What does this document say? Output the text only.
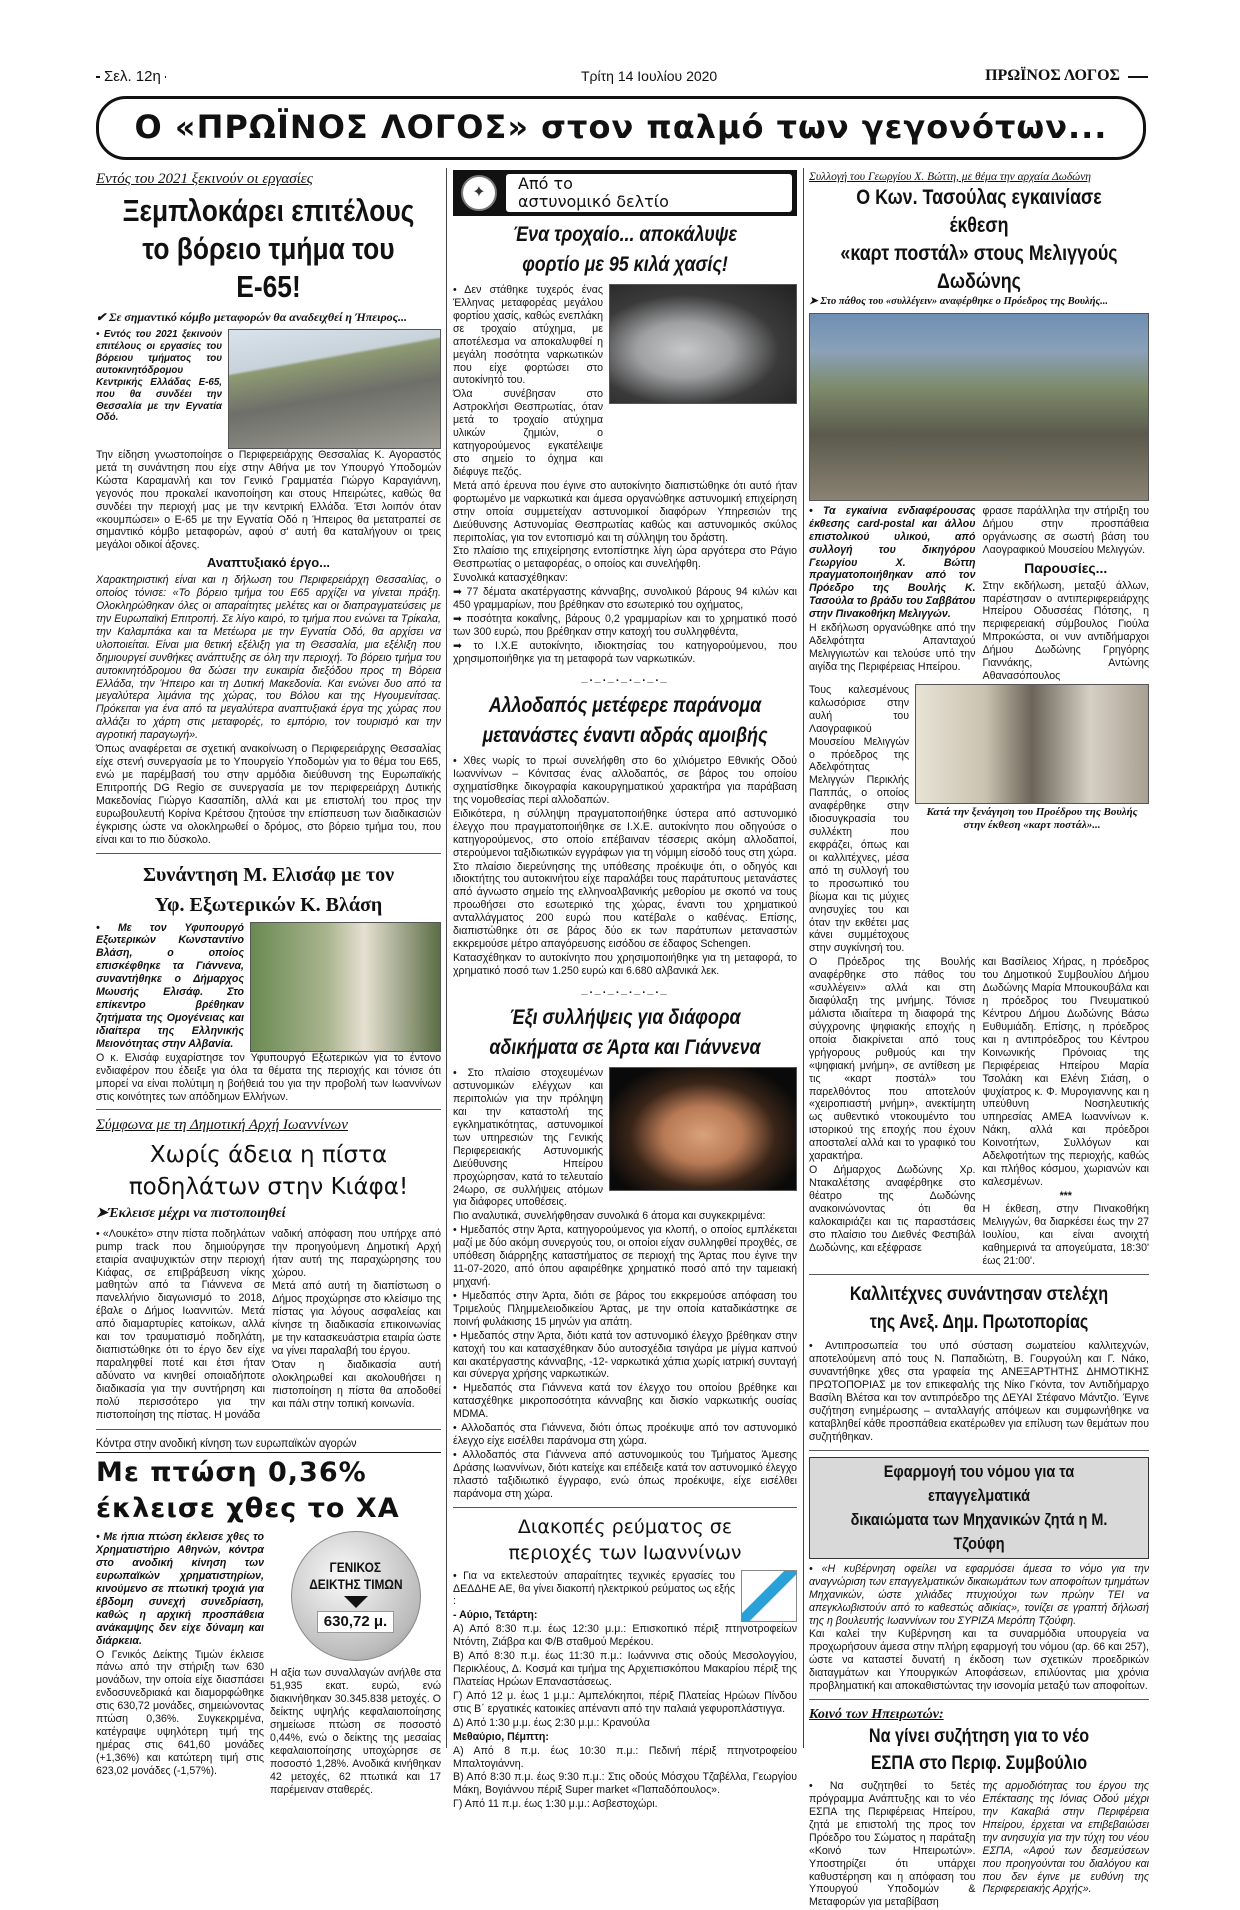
Σελ. 12η	Τρίτη 14 Ιουλίου 2020	ΠΡΩΪΝΟΣ ΛΟΓΟΣ
Ο «ΠΡΩΪΝΟΣ ΛΟΓΟΣ» στον παλμό των γεγονότων...
Εντός του 2021 ξεκινούν οι εργασίες
Ξεμπλοκάρει επιτέλους
το βόρειο τμήμα του Ε-65!
✔ Σε σημαντικό κόμβο μεταφορών θα αναδειχθεί η Ήπειρος...

• Εντός του 2021 ξεκινούν επιτέλους οι εργασίες του βόρειου τμήματος του αυτοκινητόδρομου Κεντρικής Ελλάδας Ε-65, που θα συνδέει την Θεσσαλία με την Εγνατία Οδό.

Την είδηση γνωστοποίησε ο Περιφερειάρχης Θεσσαλίας Κ. Αγοραστός μετά τη συνάντηση που είχε στην Αθήνα με τον Υπουργό Υποδομών Κώστα Καραμανλή και τον Γενικό Γραμματέα Γιώργο Καραγιάννη, γεγονός που προκαλεί ικανοποίηση και στους Ηπειρώτες, καθώς θα συνδέει την περιοχή μας με την κεντρική Ελλάδα. Έτσι λοιπόν όταν «κουμπώσει» ο Ε-65 με την Εγνατία Οδό η Ήπειρος θα μετατραπεί σε σημαντικό κόμβο μεταφορών, αφού σ' αυτή θα καταλήγουν οι τρεις μεγάλοι οδικοί άξονες.

Αναπτυξιακό έργο...

Χαρακτηριστική είναι και η δήλωση του Περιφερειάρχη Θεσσαλίας, ο οποίος τόνισε: «Το βόρειο τμήμα του Ε65 αρχίζει να γίνεται πράξη. Ολοκληρώθηκαν όλες οι απαραίτητες μελέτες και οι διαπραγματεύσεις με την Ευρωπαϊκή Επιτροπή. Σε λίγο καιρό, το τμήμα που ενώνει τα Τρίκαλα, την Καλαμπάκα και τα Μετέωρα με την Εγνατία Οδό, θα αρχίσει να υλοποιείται. Είναι μια θετική εξέλιξη για τη Θεσσαλία, μια εξέλιξη που δημιουργεί συνθήκες ανάπτυξης σε όλη την περιοχή. Το βόρειο τμήμα του αυτοκινητόδρομου θα δώσει την ευκαιρία διεξόδου προς τη Βόρεια Ελλάδα, την Ήπειρο και τη Δυτική Μακεδονία. Και ενώνει δυο από τα μεγαλύτερα λιμάνια της χώρας, του Βόλου και της Ηγουμενίτσας. Πρόκειται για ένα από τα μεγαλύτερα αναπτυξιακά έργα της χώρας που αλλάζει το χάρτη στις μεταφορές, το εμπόριο, τον τουρισμό και την αγροτική παραγωγή».

Όπως αναφέρεται σε σχετική ανακοίνωση ο Περιφερειάρχης Θεσσαλίας είχε στενή συνεργασία με το Υπουργείο Υποδομών για το θέμα του Ε65, ενώ με παρέμβασή του στην αρμόδια διεύθυνση της Ευρωπαϊκής Επιτροπής DG Regio σε συνεργασία με τον περιφερειάρχη Δυτικής Μακεδονίας Γιώργο Κασαπίδη, αλλά και με επιστολή του προς την ευρωβουλευτή Κορίνα Κρέτσου ζητούσε την επίσπευση των διαδικασιών έγκρισης ώστε να ολοκληρωθεί ο δρόμος, στο βόρειο τμήμα του, που είναι και το πιο δύσκολο.

Συνάντηση Μ. Ελισάφ με τον
Υφ. Εξωτερικών Κ. Βλάση

• Με τον Υφυπουργό Εξωτερικών Κωνσταντίνο Βλάση, ο οποίος επισκέφθηκε τα Γιάννενα, συναντήθηκε ο Δήμαρχος Μωυσής Ελισάφ. Στο επίκεντρο βρέθηκαν ζητήματα της Ομογένειας και ιδιαίτερα της Ελληνικής Μειονότητας στην Αλβανία.

Ο κ. Ελισάφ ευχαρίστησε τον Υφυπουργό Εξωτερικών για το έντονο ενδιαφέρον που έδειξε για όλα τα θέματα της περιοχής και τόνισε ότι μπορεί να είναι πολύτιμη η βοήθειά του για την προβολή των Ιωαννίνων στις κοινότητες των απόδημων Ελλήνων.

Σύμφωνα με τη Δημοτική Αρχή Ιωαννίνων
Χωρίς άδεια η πίστα
ποδηλάτων στην Κιάφα!
➤Έκλεισε μέχρι να πιστοποιηθεί

• «Λουκέτο» στην πίστα ποδηλάτων pump track που δημιούργησε εταιρία αναψυχικτών στην περιοχή Κιάφας, σε επιβράβευση νίκης μαθητών από τα Γιάννενα σε πανελλήνιο διαγωνισμό το 2018, έβαλε ο Δήμος Ιωαννιτών. Μετά από διαμαρτυρίες κατοίκων, αλλά και τον τραυματισμό ποδηλάτη, διαπιστώθηκε ότι το έργο δεν είχε παραληφθεί ποτέ και έτσι ήταν αδύνατο να κινηθεί οποιαδήποτε διαδικασία για την συντήρηση και πολύ περισσότερο για την πιστοποίηση της πίστας. Η μονάδα

ναδική απόφαση που υπήρχε από την προηγούμενη Δημοτική Αρχή ήταν αυτή της παραχώρησης του χώρου.

Μετά από αυτή τη διαπίστωση ο Δήμος προχώρησε στο κλείσιμο της πίστας για λόγους ασφαλείας και κίνησε τη διαδικασία επικοινωνίας με την κατασκευάστρια εταιρία ώστε να γίνει παραλαβή του έργου.

Όταν η διαδικασία αυτή ολοκληρωθεί και ακολουθήσει η πιστοποίηση η πίστα θα αποδοθεί και πάλι στην τοπική κοινωνία.

Κόντρα στην ανοδική κίνηση των ευρωπαϊκών αγορών
Με πτώση 0,36%
έκλεισε χθες το ΧΑ

• Με ήπια πτώση έκλεισε χθες το Χρηματιστήριο Αθηνών, κόντρα στο ανοδική κίνηση των ευρωπαϊκών χρηματιστηρίων, κινούμενο σε πτωτική τροχιά για έβδομη συνεχή συνεδρίαση, καθώς η αρχική προσπάθεια ανάκαμψης δεν είχε δύναμη και διάρκεια.

Ο Γενικός Δείκτης Τιμών έκλεισε πάνω από την στήριξη των 630 μονάδων, την οποία είχε διασπάσει ενδοσυνεδριακά και διαμορφώθηκε στις 630,72 μονάδες, σημειώνοντας πτώση 0,36%. Συγκεκριμένα, κατέγραψε υψηλότερη τιμή της ημέρας στις 641,60 μονάδες (+1,36%) και κατώτερη τιμή στις 623,02 μονάδες (-1,57%).

ΓΕΝΙΚΟΣ
ΔΕΙΚΤΗΣ ΤΙΜΩΝ
630,72 μ.

Η αξία των συναλλαγών ανήλθε στα 51,935 εκατ. ευρώ, ενώ διακινήθηκαν 30.345.838 μετοχές. Ο δείκτης υψηλής κεφαλαιοποίησης σημείωσε πτώση σε ποσοστό 0,44%, ενώ ο δείκτης της μεσαίας κεφαλαιοποίησης υποχώρησε σε ποσοστό 1,28%. Ανοδικά κινήθηκαν 42 μετοχές, 62 πτωτικά και 17 παρέμειναν σταθερές.

✦	Από το
αστυνομικό δελτίο
Ένα τροχαίο... αποκάλυψε
φορτίο με 95 κιλά χασίς!

• Δεν στάθηκε τυχερός ένας Έλληνας μεταφορέας μεγάλου φορτίου χασίς, καθώς ενεπλάκη σε τροχαίο ατύχημα, με αποτέλεσμα να αποκαλυφθεί η μεγάλη ποσότητα ναρκωτικών που είχε φορτώσει στο αυτοκίνητό του.

Όλα συνέβησαν στο Αστροκλήσι Θεσπρωτίας, όταν μετά το τροχαίο ατύχημα υλικών ζημιών, ο κατηγορούμενος εγκατέλειψε στο σημείο το όχημα και διέφυγε πεζός.

Μετά από έρευνα που έγινε στο αυτοκίνητο διαπιστώθηκε ότι αυτό ήταν φορτωμένο με ναρκωτικά και άμεσα οργανώθηκε αστυνομική επιχείρηση στην οποία συμμετείχαν αστυνομικοί διαφόρων Υπηρεσιών της Διεύθυνσης Αστυνομίας Θεσπρωτίας καθώς και αστυνομικός σκύλος περιπολίας, για τον εντοπισμό και τη σύλληψη του δράστη.

Στο πλαίσιο της επιχείρησης εντοπίστηκε λίγη ώρα αργότερα στο Ράγιο Θεσπρωτίας ο μεταφορέας, ο οποίος και συνελήφθη.

Συνολικά κατασχέθηκαν:

➡ 77 δέματα ακατέργαστης κάνναβης, συνολικού βάρους 94 κιλών και 450 γραμμαρίων, που βρέθηκαν στο εσωτερικό του οχήματος,

➡ ποσότητα κοκαΐνης, βάρους 0,2 γραμμαρίων και το χρηματικό ποσό των 300 ευρώ, που βρέθηκαν στην κατοχή του συλληφθέντα,

➡ το Ι.Χ.Ε αυτοκίνητο, ιδιοκτησίας του κατηγορούμενου, που χρησιμοποιήθηκε για τη μεταφορά των ναρκωτικών.

_._._._._._._
Αλλοδαπός μετέφερε παράνομα
μετανάστες έναντι αδράς αμοιβής

• Χθες νωρίς το πρωί συνελήφθη στο 6ο χιλιόμετρο Εθνικής Οδού Ιωαννίνων – Κόνιτσας ένας αλλοδαπός, σε βάρος του οποίου σχηματίσθηκε δικογραφία κακουργηματικού χαρακτήρα για παράβαση της νομοθεσίας περί αλλοδαπών.

Ειδικότερα, η σύλληψη πραγματοποιήθηκε ύστερα από αστυνομικό έλεγχο που πραγματοποιήθηκε σε Ι.Χ.Ε. αυτοκίνητο που οδηγούσε ο κατηγορούμενος, στο οποίο επέβαιναν τέσσερις ακόμη αλλοδαποί, στερούμενοι ταξιδιωτικών εγγράφων για τη νόμιμη είσοδό τους στη χώρα.

Στο πλαίσιο διερεύνησης της υπόθεσης προέκυψε ότι, ο οδηγός και ιδιοκτήτης του αυτοκινήτου είχε παραλάβει τους παράτυπους μετανάστες από άγνωστο σημείο της ελληνοαλβανικής μεθορίου με σκοπό να τους προωθήσει στο εσωτερικό της χώρας, έναντι του χρηματικού ανταλλάγματος 200 ευρώ που κατέβαλε ο καθένας. Επίσης, διαπιστώθηκε ότι σε βάρος δύο εκ των παράτυπων μεταναστών εκκρεμούσε μέτρο απαγόρευσης εισόδου σε έδαφος Schengen.

Κατασχέθηκαν το αυτοκίνητο που χρησιμοποιήθηκε για τη μεταφορά, το χρηματικό ποσό των 1.250 ευρώ και 6.680 αλβανικά λεκ.

_._._._._._._
Έξι συλλήψεις για διάφορα
αδικήματα σε Άρτα και Γιάννενα

• Στο πλαίσιο στοχευμένων αστυνομικών ελέγχων και περιπολιών για την πρόληψη και την καταστολή της εγκληματικότητας, αστυνομικοί των υπηρεσιών της Γενικής Περιφερειακής Αστυνομικής Διεύθυνσης Ηπείρου προχώρησαν, κατά το τελευταίο 24ωρο, σε συλλήψεις ατόμων για διάφορες υποθέσεις.

Πιο αναλυτικά, συνελήφθησαν συνολικά 6 άτομα και συγκεκριμένα:

• Ημεδαπός στην Άρτα, κατηγορούμενος για κλοπή, ο οποίος εμπλέκεται μαζί με δύο ακόμη συνεργούς του, οι οποίοι είχαν συλληφθεί προχθές, σε υπόθεση διάρρηξης καταστήματος σε περιοχή της Άρτας που έγινε την 11-07-2020, από όπου αφαιρέθηκε χρηματικό ποσό από την ταμειακή μηχανή.

• Ημεδαπός στην Άρτα, διότι σε βάρος του εκκρεμούσε απόφαση του Τριμελούς Πλημμελειοδικείου Άρτας, με την οποία καταδικάστηκε σε ποινή φυλάκισης 15 μηνών για απάτη.

• Ημεδαπός στην Άρτα, διότι κατά τον αστυνομικό έλεγχο βρέθηκαν στην κατοχή του και κατασχέθηκαν δύο αυτοσχέδια τσιγάρα με μίγμα καπνού και ακατέργαστης κάνναβης, -12- ναρκωτικά χάπια χωρίς ιατρική συνταγή και σύνεργα χρήσης ναρκωτικών.

• Ημεδαπός στα Γιάννενα κατά τον έλεγχο του οποίου βρέθηκε και κατασχέθηκε μικροποσότητα κάνναβης και δισκίο ναρκωτικής ουσίας MDMA.

• Αλλοδαπός στα Γιάννενα, διότι όπως προέκυψε από τον αστυνομικό έλεγχο είχε εισέλθει παράνομα στη χώρα.

• Αλλοδαπός στα Γιάννενα από αστυνομικούς του Τμήματος Άμεσης Δράσης Ιωαννίνων, διότι κατείχε και επέδειξε κατά τον αστυνομικό έλεγχο πλαστό ταξιδιωτικό έγγραφο, ενώ όπως προέκυψε, είχε εισέλθει παράνομα στη χώρα.

Διακοπές ρεύματος σε
περιοχές των Ιωαννίνων

• Για να εκτελεστούν απαραίτητες τεχνικές εργασίες του ΔΕΔΔΗΕ ΑΕ, θα γίνει διακοπή ηλεκτρικού ρεύματος ως εξής :

- Αύριο, Τετάρτη:

Α) Από 8:30 π.μ. έως 12:30 μ.μ.: Επισκοπικό πέριξ πτηνοτροφείων Ντόντη, Ζιάβρα και Φ/Β σταθμού Μερέκου.

Β) Από 8:30 π.μ. έως 11:30 π.μ.: Ιωάννινα στις οδούς Μεσολογγίου, Περικλέους, Δ. Κοσμά και τμήμα της Αρχιεπισκόπου Μακαρίου πέριξ της Πλατείας Ηρώων Επαναστάσεως.

Γ) Από 12 μ. έως 1 μ.μ.: Αμπελόκηποι, πέριξ Πλατείας Ηρώων Πίνδου στις Β΄ εργατικές κατοικίες απέναντι από την παλαιά γεφυροπλάστιγγα.

Δ) Από 1:30 μ.μ. έως 2:30 μ.μ.: Κρανούλα

Μεθαύριο, Πέμπτη:

Α) Από 8 π.μ. έως 10:30 π.μ.: Πεδινή πέριξ πτηνοτροφείου Μπαλτογιάννη.

Β) Από 8:30 π.μ. έως 9:30 π.μ.: Στις οδούς Μόσχου Τζαβέλλα, Γεωργίου Μάκη, Βογιάννου πέριξ Super market «Παπαδόπουλος».

Γ) Από 11 π.μ. έως 1:30 μ.μ.: Ασβεστοχώρι.

Συλλογή του Γεωργίου Χ. Βώττη, με θέμα την αρχαία Δωδώνη
Ο Κων. Τασούλας εγκαινίασε έκθεση
«καρτ ποστάλ» στους Μελιγγούς Δωδώνης
➤ Στο πάθος του «συλλέγειν» αναφέρθηκε ο Πρόεδρος της Βουλής...

• Τα εγκαίνια ενδιαφέρουσας έκθεσης card-postal και άλλου επιστολικού υλικού, από συλλογή του δικηγόρου Γεωργίου Χ. Βώττη πραγματοποιήθηκαν από τον Πρόεδρο της Βουλής Κ. Τασούλα το βράδυ του Σαββάτου στην Πινακοθήκη Μελιγγών.

Η εκδήλωση οργανώθηκε από την Αδελφότητα Απανταχού Μελιγγιωτών και τελούσε υπό την αιγίδα της Περιφέρειας Ηπείρου.

φρασε παράλληλα την στήριξη του Δήμου στην προσπάθεια οργάνωσης σε σωστή βάση του Λαογραφικού Μουσείου Μελιγγών.

Παρουσίες...

Στην εκδήλωση, μεταξύ άλλων, παρέστησαν ο αντιπεριφερειάρχης Ηπείρου Οδυσσέας Πότσης, η περιφερειακή σύμβουλος Γιούλα Μπροκώστα, οι νυν αντιδήμαρχοι Δήμου Δωδώνης Γρηγόρης Γιαννάκης, Αντώνης Αθανασόπουλος

Τους καλεσμένους καλωσόρισε στην αυλή του Λαογραφικού Μουσείου Μελιγγών ο πρόεδρος της Αδελφότητας Μελιγγών Περικλής Παππάς, ο οποίος αναφέρθηκε στην ιδιοσυγκρασία του συλλέκτη που εκφράζει, όπως και οι καλλιτέχνες, μέσα από τη συλλογή του το προσωπικό του βίωμα και τις μύχιες ανησυχίες του και όταν την εκθέτει μας κάνει συμμέτοχους στην συγκίνησή του.

Κατά την ξενάγηση του Προέδρου της Βουλής στην έκθεση «καρτ ποστάλ»...

Ο Πρόεδρος της Βουλής αναφέρθηκε στο πάθος του «συλλέγειν» αλλά και στη διαφύλαξη της μνήμης. Τόνισε μάλιστα ιδιαίτερα τη διαφορά της σύγχρονης ψηφιακής εποχής η οποία διακρίνεται από τους γρήγορους ρυθμούς και την «ψηφιακή μνήμη», σε αντίθεση με τις «καρτ ποστάλ» του παρελθόντος που αποτελούν «χειροπιαστή μνήμη», ανεκτίμητη ως αυθεντικό ντοκουμέντο του ιστορικού της εποχής που έχουν αποσταλεί αλλά και το γραφικό του χαρακτήρα.

Ο Δήμαρχος Δωδώνης Χρ. Ντακαλέτσης αναφέρθηκε στο θέατρο της Δωδώνης ανακοινώνοντας ότι θα καλοκαιριάζει και τις παραστάσεις στο πλαίσιο του Διεθνές Φεστιβάλ Δωδώνης, και εξέφρασε

και Βασίλειος Χήρας, η πρόεδρος του Δημοτικού Συμβουλίου Δήμου Δωδώνης Μαρία Μπουκουβάλα και η πρόεδρος του Πνευματικού Κέντρου Δήμου Δωδώνης Βάσω Ευθυμιάδη. Επίσης, η πρόεδρος και η αντιπρόεδρος του Κέντρου Κοινωνικής Πρόνοιας της Περιφέρειας Ηπείρου Μαρία Τσολάκη και Ελένη Σιάση, ο ψυχίατρος κ. Φ. Μυρογιαννης και η υπεύθυνη Νοσηλευτικής υπηρεσίας ΑΜΕΑ Ιωαννίνων κ. Νάκη, αλλά και πρόεδροι Κοινοτήτων, Συλλόγων και Αδελφοτήτων της περιοχής, καθώς και πλήθος κόσμου, χωριανών και καλεσμένων.

***

Η έκθεση, στην Πινακοθήκη Μελιγγών, θα διαρκέσει έως την 27 Ιουλίου, και είναι ανοιχτή καθημερινά τα απογεύματα, 18:30' έως 21:00'.

Καλλιτέχνες συνάντησαν στελέχη
της Ανεξ. Δημ. Πρωτοπορίας

• Αντιπροσωπεία του υπό σύσταση σωματείου καλλιτεχνών, αποτελούμενη από τους Ν. Παπαδιώτη, Β. Γουργούλη και Γ. Νάκο, συναντήθηκε χθες στα γραφεία της ΑΝΕΞΑΡΤΗΤΗΣ ΔΗΜΟΤΙΚΗΣ ΠΡΩΤΟΠΟΡΙΑΣ με τον επικεφαλής της Νίκο Γκόντα, τον Αντιδήμαρχο Βασίλη Βλέτσα και τον αντιπρόεδρο της ΔΕΥΑΙ Στέφανο Μάντζιο. Έγινε συζήτηση ενημέρωσης – ανταλλαγής απόψεων και συμφωνήθηκε να καταβληθεί κάθε προσπάθεια εκατέρωθεν για επίλυση των θεμάτων που συζητήθηκαν.

Εφαρμογή του νόμου για τα επαγγελματικά
δικαιώματα των Μηχανικών ζητά η Μ. Τζούφη

• «Η κυβέρνηση οφείλει να εφαρμόσει άμεσα το νόμο για την αναγνώριση των επαγγελματικών δικαιωμάτων των αποφοίτων τμημάτων Μηχανικών, ώστε χιλιάδες πτυχιούχοι των πρώην ΤΕΙ να απεγκλωβιστούν από το καθεστώς αδικίας», τονίζει σε γραπτή δήλωσή της η βουλευτής Ιωαννίνων του ΣΥΡΙΖΑ Μερόπη Τζούφη.

Και καλεί την Κυβέρνηση και τα συναρμόδια υπουργεία να προχωρήσουν άμεσα στην πλήρη εφαρμογή του νόμου (αρ. 66 και 257), ώστε να καταστεί δυνατή η έκδοση των σχετικών προεδρικών διαταγμάτων και Υπουργικών Αποφάσεων, επιλύοντας μια χρόνια προβληματική και αποκαθιστώντας την ισονομία μεταξύ των αποφοίτων.

Κοινό των Ηπειρωτών:
Να γίνει συζήτηση για το νέο
ΕΣΠΑ στο Περιφ. Συμβούλιο

• Να συζητηθεί το 5ετές πρόγραμμα Ανάπτυξης και το νέο ΕΣΠΑ της Περιφέρειας Ηπείρου, ζητά με επιστολή της προς τον Πρόεδρο του Σώματος η παράταξη «Κοινό των Ηπειρωτών». Υποστηρίζει ότι υπάρχει καθυστέρηση και η απόφαση του Υπουργού Υποδομών & Μεταφορών για μεταβίβαση

της αρμοδιότητας του έργου της Επέκτασης της Ιόνιας Οδού μέχρι την Κακαβιά στην Περιφέρεια Ηπείρου, έρχεται να επιβεβαιώσει την ανησυχία για την τύχη του νέου ΕΣΠΑ, «Αφού των δεσμεύσεων που προηγούνται του διαλόγου και που δεν έγινε με ευθύνη της Περιφερειακής Αρχής».
